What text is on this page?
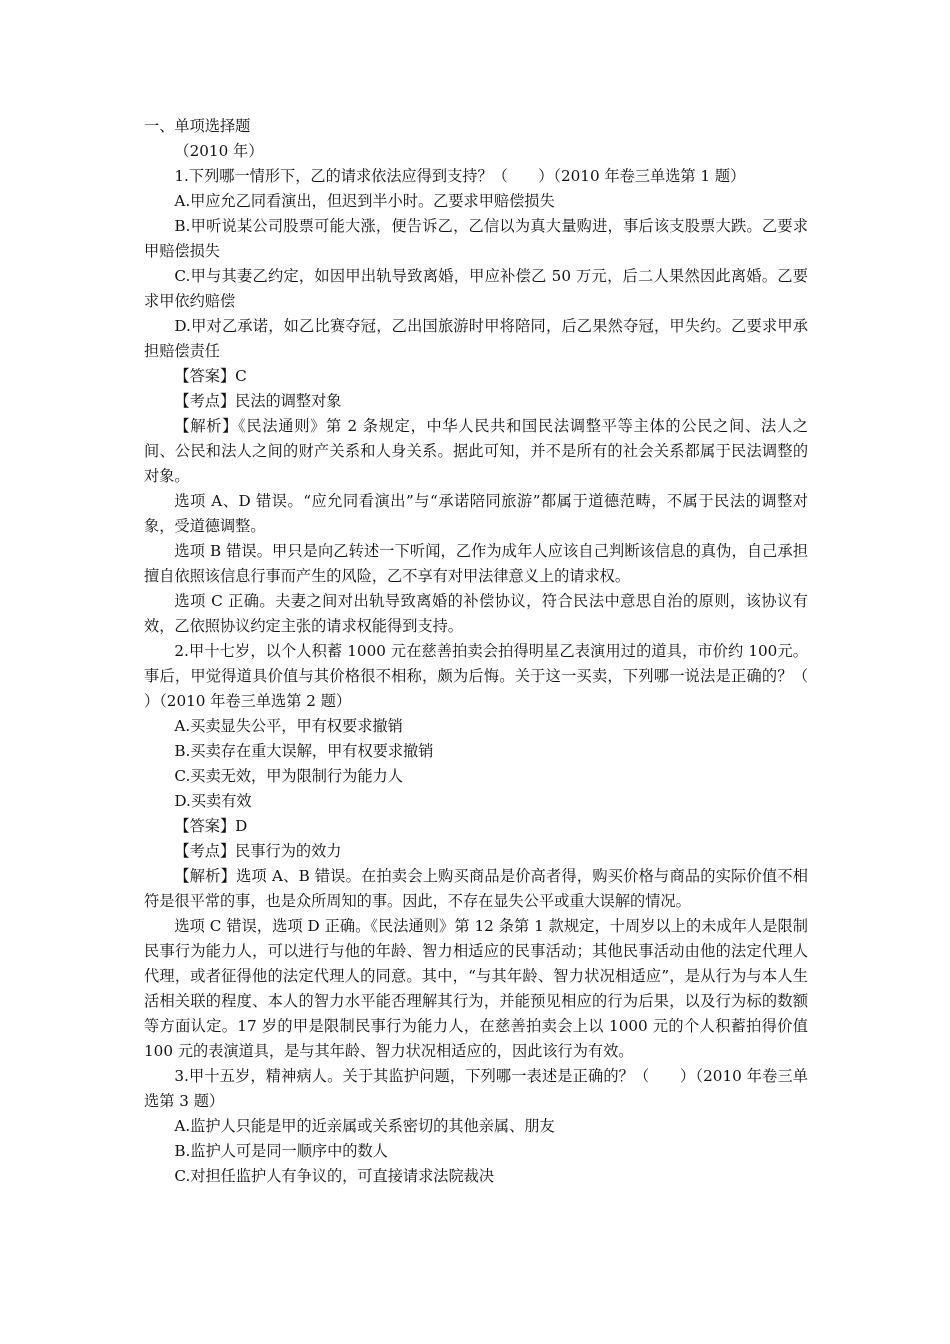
一、单项选择题

（2010 年）

1.下列哪一情形下，乙的请求依法应得到支持？（　　）（2010 年卷三单选第 1 题）

A.甲应允乙同看演出，但迟到半小时。乙要求甲赔偿损失

B.甲听说某公司股票可能大涨，便告诉乙，乙信以为真大量购进，事后该支股票大跌。乙要求甲赔偿损失

C.甲与其妻乙约定，如因甲出轨导致离婚，甲应补偿乙 50 万元，后二人果然因此离婚。乙要求甲依约赔偿

D.甲对乙承诺，如乙比赛夺冠，乙出国旅游时甲将陪同，后乙果然夺冠，甲失约。乙要求甲承担赔偿责任

【答案】C

【考点】民法的调整对象

【解析】《民法通则》第 2 条规定，中华人民共和国民法调整平等主体的公民之间、法人之间、公民和法人之间的财产关系和人身关系。据此可知，并不是所有的社会关系都属于民法调整的对象。

选项 A、D 错误。“应允同看演出”与“承诺陪同旅游”都属于道德范畴，不属于民法的调整对象，受道德调整。

选项 B 错误。甲只是向乙转述一下听闻，乙作为成年人应该自己判断该信息的真伪，自己承担擅自依照该信息行事而产生的风险，乙不享有对甲法律意义上的请求权。

选项 C 正确。夫妻之间对出轨导致离婚的补偿协议，符合民法中意思自治的原则，该协议有效，乙依照协议约定主张的请求权能得到支持。

2.甲十七岁，以个人积蓄 1000 元在慈善拍卖会拍得明星乙表演用过的道具，市价约 100元。事后，甲觉得道具价值与其价格很不相称，颇为后悔。关于这一买卖，下列哪一说法是正确的？（　　）（2010 年卷三单选第 2 题）

A.买卖显失公平，甲有权要求撤销

B.买卖存在重大误解，甲有权要求撤销

C.买卖无效，甲为限制行为能力人

D.买卖有效

【答案】D

【考点】民事行为的效力

【解析】选项 A、B 错误。在拍卖会上购买商品是价高者得，购买价格与商品的实际价值不相符是很平常的事，也是众所周知的事。因此，不存在显失公平或重大误解的情况。

选项 C 错误，选项 D 正确。《民法通则》第 12 条第 1 款规定，十周岁以上的未成年人是限制民事行为能力人，可以进行与他的年龄、智力相适应的民事活动；其他民事活动由他的法定代理人代理，或者征得他的法定代理人的同意。其中，“与其年龄、智力状况相适应”，是从行为与本人生活相关联的程度、本人的智力水平能否理解其行为，并能预见相应的行为后果，以及行为标的数额等方面认定。17 岁的甲是限制民事行为能力人，在慈善拍卖会上以 1000 元的个人积蓄拍得价值 100 元的表演道具，是与其年龄、智力状况相适应的，因此该行为有效。

3.甲十五岁，精神病人。关于其监护问题，下列哪一表述是正确的？（　　）（2010 年卷三单选第 3 题）

A.监护人只能是甲的近亲属或关系密切的其他亲属、朋友

B.监护人可是同一顺序中的数人

C.对担任监护人有争议的，可直接请求法院裁决
